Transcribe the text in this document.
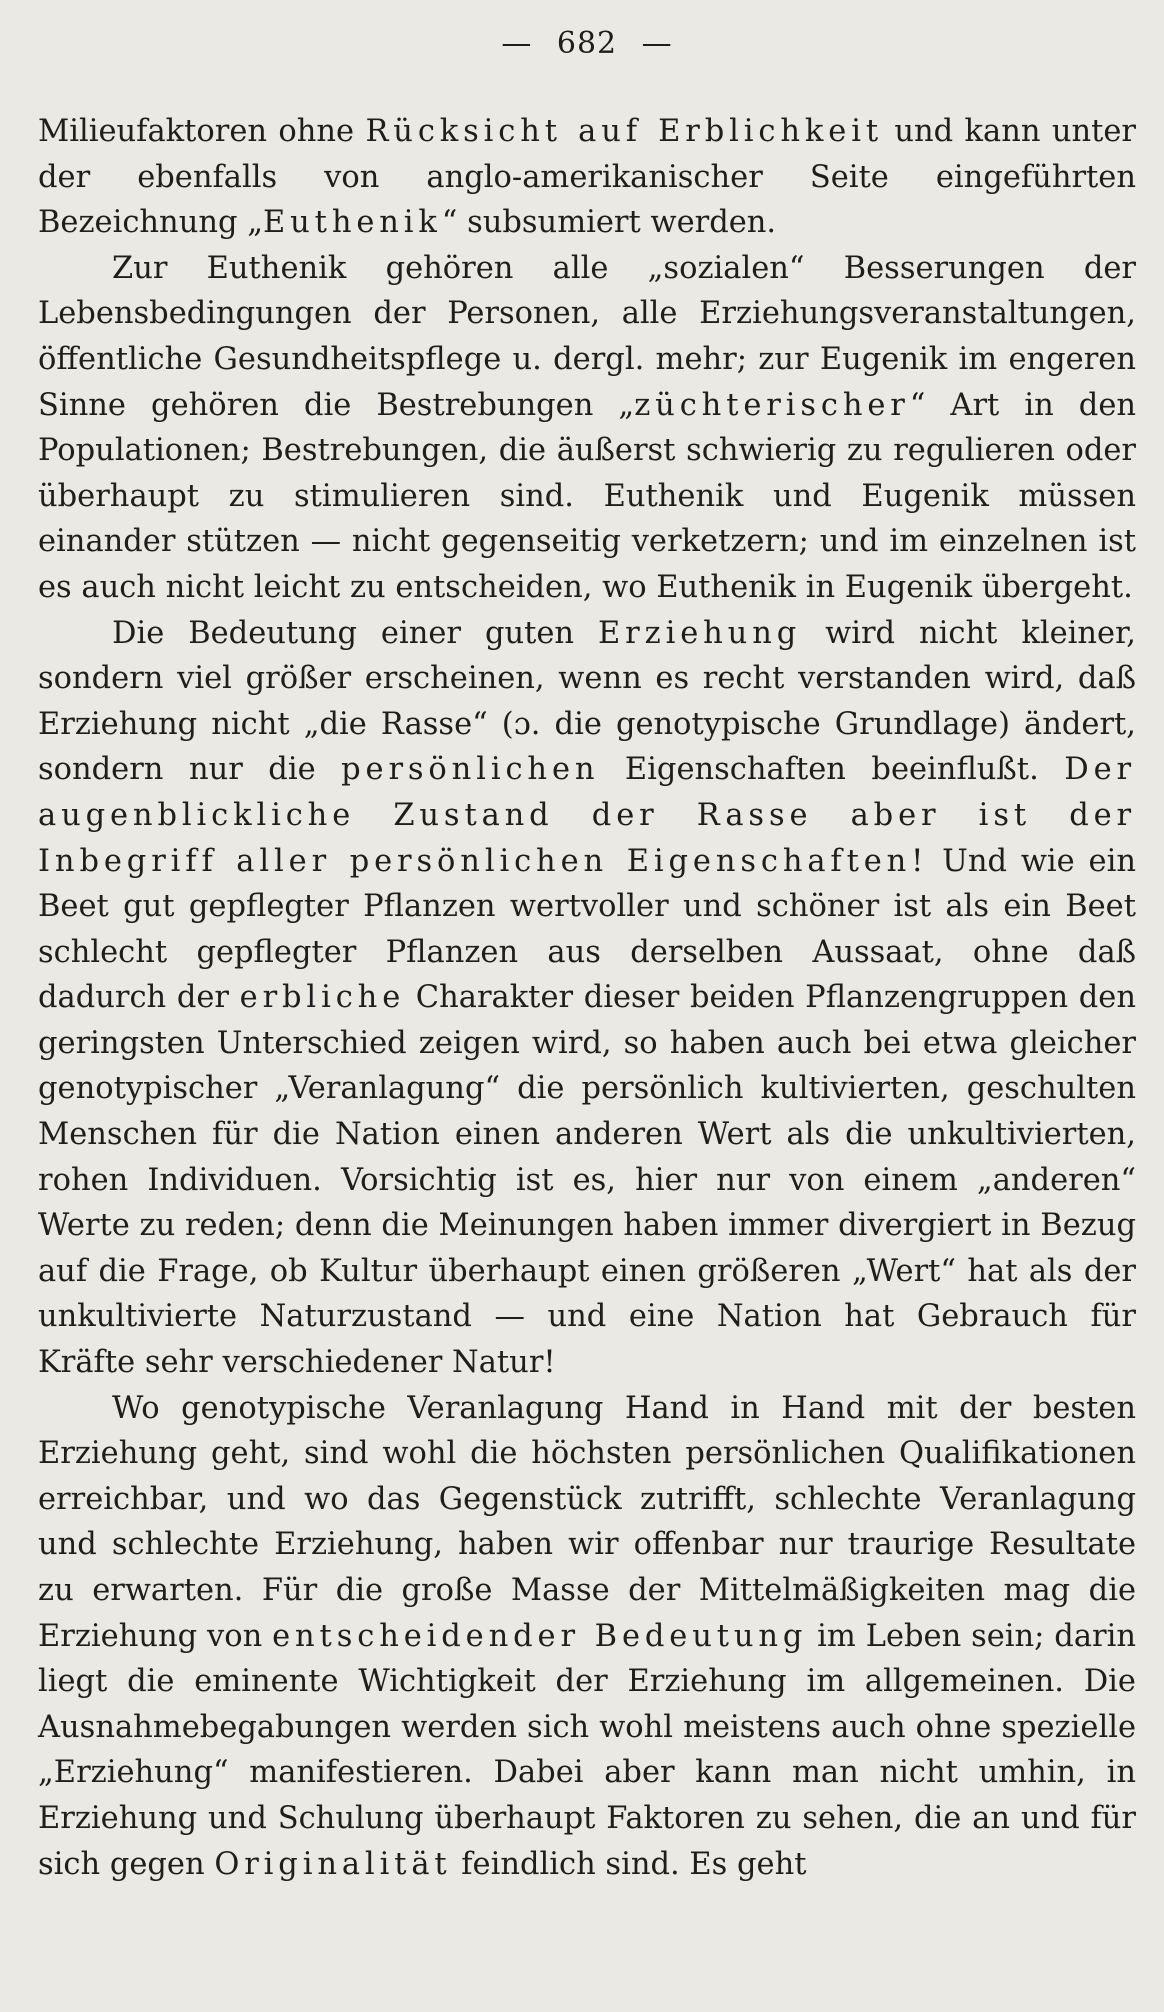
— 682 —

Milieufaktoren ohne Rücksicht auf Erblichkeit und kann unter der ebenfalls von anglo-amerikanischer Seite eingeführten Bezeichnung „Euthenik“ subsumiert werden.

Zur Euthenik gehören alle „sozialen“ Besserungen der Lebensbedingungen der Personen, alle Erziehungsveranstaltungen, öffentliche Gesundheitspflege u. dergl. mehr; zur Eugenik im engeren Sinne gehören die Bestrebungen „züchterischer“ Art in den Populationen; Bestrebungen, die äußerst schwierig zu regulieren oder überhaupt zu stimulieren sind. Euthenik und Eugenik müssen einander stützen — nicht gegenseitig verketzern; und im einzelnen ist es auch nicht leicht zu entscheiden, wo Euthenik in Eugenik übergeht.

Die Bedeutung einer guten Erziehung wird nicht kleiner, sondern viel größer erscheinen, wenn es recht verstanden wird, daß Erziehung nicht „die Rasse“ (ɔ. die genotypische Grundlage) ändert, sondern nur die persönlichen Eigenschaften beeinflußt. Der augenblickliche Zustand der Rasse aber ist der Inbegriff aller persönlichen Eigenschaften! Und wie ein Beet gut gepflegter Pflanzen wertvoller und schöner ist als ein Beet schlecht gepflegter Pflanzen aus derselben Aussaat, ohne daß dadurch der erbliche Charakter dieser beiden Pflanzengruppen den geringsten Unterschied zeigen wird, so haben auch bei etwa gleicher genotypischer „Veranlagung“ die persönlich kultivierten, geschulten Menschen für die Nation einen anderen Wert als die unkultivierten, rohen Individuen. Vorsichtig ist es, hier nur von einem „anderen“ Werte zu reden; denn die Meinungen haben immer divergiert in Bezug auf die Frage, ob Kultur überhaupt einen größeren „Wert“ hat als der unkultivierte Naturzustand — und eine Nation hat Gebrauch für Kräfte sehr verschiedener Natur!

Wo genotypische Veranlagung Hand in Hand mit der besten Erziehung geht, sind wohl die höchsten persönlichen Qualifikationen erreichbar, und wo das Gegenstück zutrifft, schlechte Veranlagung und schlechte Erziehung, haben wir offenbar nur traurige Resultate zu erwarten. Für die große Masse der Mittelmäßigkeiten mag die Erziehung von entscheidender Bedeutung im Leben sein; darin liegt die eminente Wichtigkeit der Erziehung im allgemeinen. Die Ausnahmebegabungen werden sich wohl meistens auch ohne spezielle „Erziehung“ manifestieren. Dabei aber kann man nicht umhin, in Erziehung und Schulung überhaupt Faktoren zu sehen, die an und für sich gegen Originalität feindlich sind. Es geht
